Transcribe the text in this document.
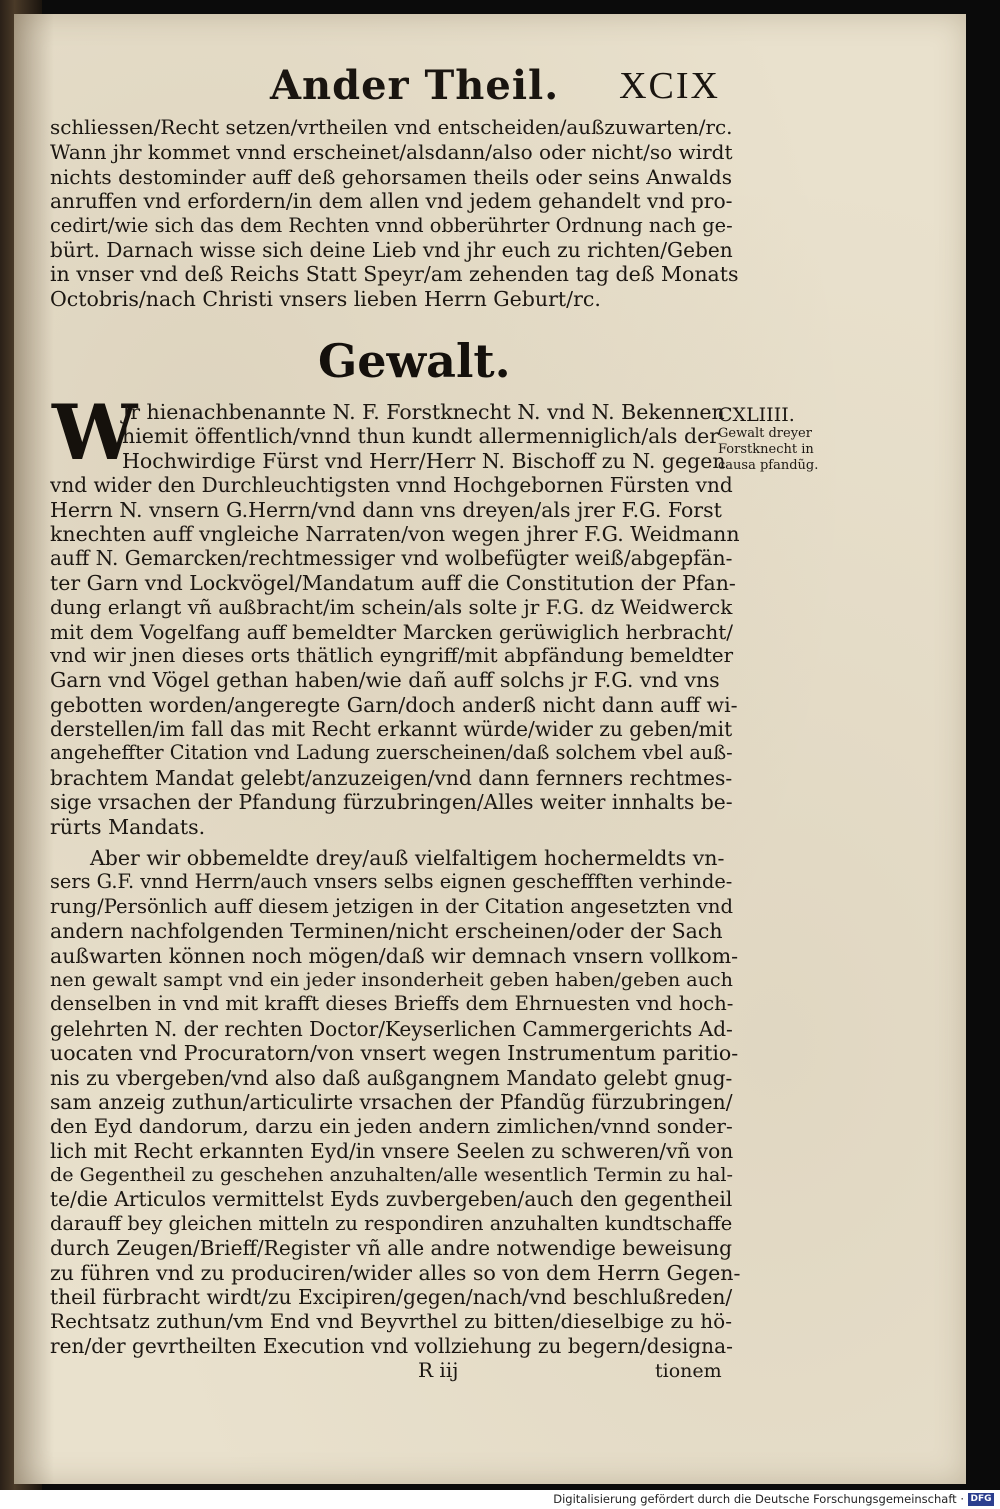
Ander Theil. XCIX
schliessen/Recht setzen/vrtheilen vnd entscheiden/außzuwarten/rc.
Wann jhr kommet vnnd erscheinet/alsdann/also oder nicht/so wirdt
nichts destominder auff deß gehorsamen theils oder seins Anwalds
anruffen vnd erfordern/in dem allen vnd jedem gehandelt vnd pro-
cedirt/wie sich das dem Rechten vnnd obberührter Ordnung nach ge-
bürt. Darnach wisse sich deine Lieb vnd jhr euch zu richten/Geben
in vnser vnd deß Reichs Statt Speyr/am zehenden tag deß Monats
Octobris/nach Christi vnsers lieben Herrn Geburt/rc.
Gewalt.
W
Jr hienachbenannte N. F. Forstknecht N. vnd N. Bekennen
hiemit öffentlich/vnnd thun kundt allermenniglich/als der
Hochwirdige Fürst vnd Herr/Herr N. Bischoff zu N. gegen
vnd wider den Durchleuchtigsten vnnd Hochgebornen Fürsten vnd
Herrn N. vnsern G.Herrn/vnd dann vns dreyen/als jrer F.G. Forst
knechten auff vngleiche Narraten/von wegen jhrer F.G. Weidmann
auff N. Gemarcken/rechtmessiger vnd wolbefügter weiß/abgepfän-
ter Garn vnd Lockvögel/Mandatum auff die Constitution der Pfan-
dung erlangt vñ außbracht/im schein/als solte jr F.G. dz Weidwerck
mit dem Vogelfang auff bemeldter Marcken gerüwiglich herbracht/
vnd wir jnen dieses orts thätlich eyngriff/mit abpfändung bemeldter
Garn vnd Vögel gethan haben/wie dañ auff solchs jr F.G. vnd vns
gebotten worden/angeregte Garn/doch anderß nicht dann auff wi-
derstellen/im fall das mit Recht erkannt würde/wider zu geben/mit
angeheffter Citation vnd Ladung zuerscheinen/daß solchem vbel auß-
brachtem Mandat gelebt/anzuzeigen/vnd dann fernners rechtmes-
sige vrsachen der Pfandung fürzubringen/Alles weiter innhalts be-
rürts Mandats.
CXLIIII.
Gewalt dreyer
Forstknecht in
causa pfandũg.
Aber wir obbemeldte drey/auß vielfaltigem hochermeldts vn-
sers G.F. vnnd Herrn/auch vnsers selbs eignen gescheffften verhinde-
rung/Persönlich auff diesem jetzigen in der Citation angesetzten vnd
andern nachfolgenden Terminen/nicht erscheinen/oder der Sach
außwarten können noch mögen/daß wir demnach vnsern vollkom-
nen gewalt sampt vnd ein jeder insonderheit geben haben/geben auch
denselben in vnd mit krafft dieses Brieffs dem Ehrnuesten vnd hoch-
gelehrten N. der rechten Doctor/Keyserlichen Cammergerichts Ad-
uocaten vnd Procuratorn/von vnsert wegen Instrumentum paritio-
nis zu vbergeben/vnd also daß außgangnem Mandato gelebt gnug-
sam anzeig zuthun/articulirte vrsachen der Pfandũg fürzubringen/
den Eyd dandorum, darzu ein jeden andern zimlichen/vnnd sonder-
lich mit Recht erkannten Eyd/in vnsere Seelen zu schweren/vñ von
de Gegentheil zu geschehen anzuhalten/alle wesentlich Termin zu hal-
te/die Articulos vermittelst Eyds zuvbergeben/auch den gegentheil
darauff bey gleichen mitteln zu respondiren anzuhalten kundtschaffe
durch Zeugen/Brieff/Register vñ alle andre notwendige beweisung
zu führen vnd zu produciren/wider alles so von dem Herrn Gegen-
theil fürbracht wirdt/zu Excipiren/gegen/nach/vnd beschlußreden/
Rechtsatz zuthun/vm End vnd Beyvrthel zu bitten/dieselbige zu hö-
ren/der gevrtheilten Execution vnd vollziehung zu begern/designa-
R iij	tionem
Digitalisierung gefördert durch die Deutsche Forschungsgemeinschaft · DFG
